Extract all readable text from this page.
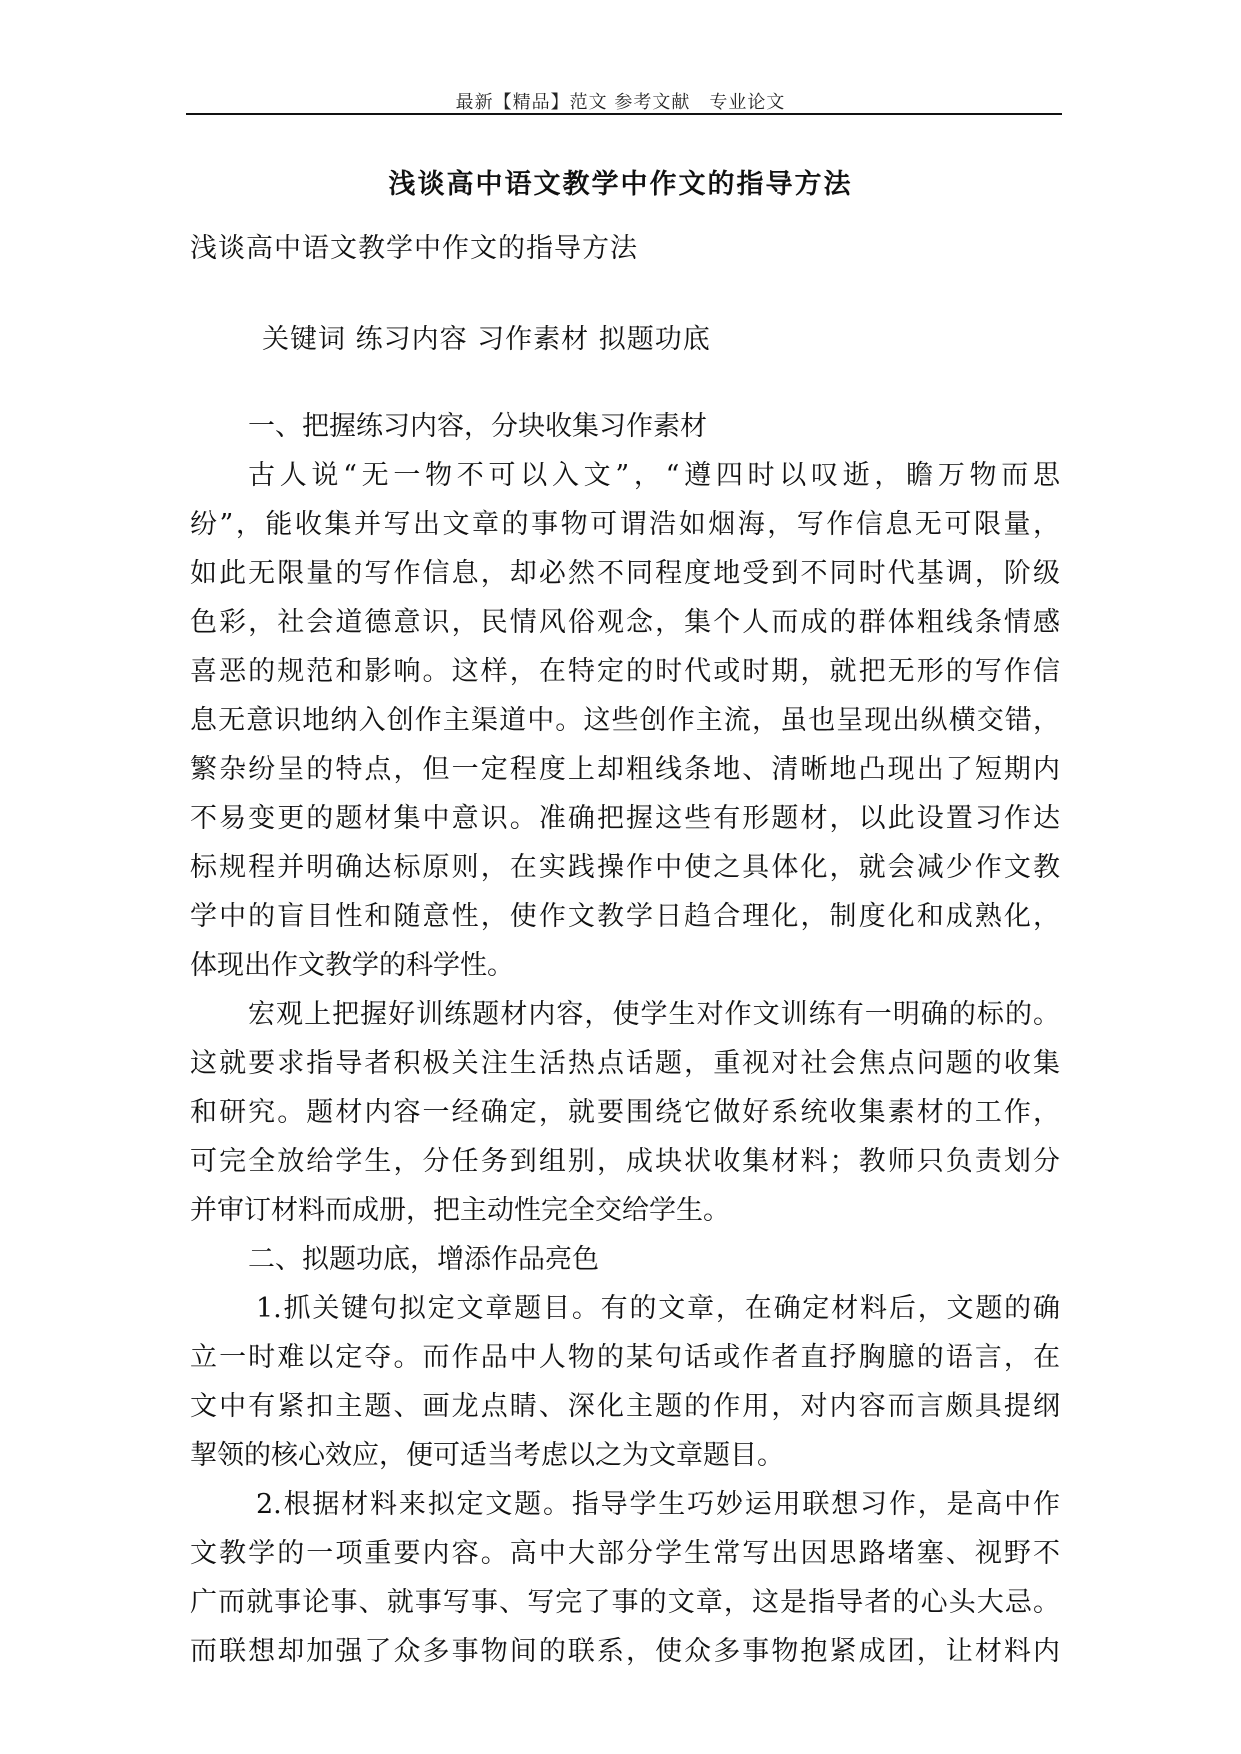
最新【精品】范文 参考文献　专业论文
浅谈高中语文教学中作文的指导方法
浅谈高中语文教学中作文的指导方法
关键词 练习内容 习作素材 拟题功底
一、把握练习内容，分块收集习作素材
古人说“无一物不可以入文”，“遵四时以叹逝，瞻万物而思
纷”，能收集并写出文章的事物可谓浩如烟海，写作信息无可限量，
如此无限量的写作信息，却必然不同程度地受到不同时代基调，阶级
色彩，社会道德意识，民情风俗观念，集个人而成的群体粗线条情感
喜恶的规范和影响。这样，在特定的时代或时期，就把无形的写作信
息无意识地纳入创作主渠道中。这些创作主流，虽也呈现出纵横交错，
繁杂纷呈的特点，但一定程度上却粗线条地、清晰地凸现出了短期内
不易变更的题材集中意识。准确把握这些有形题材，以此设置习作达
标规程并明确达标原则，在实践操作中使之具体化，就会减少作文教
学中的盲目性和随意性，使作文教学日趋合理化，制度化和成熟化，
体现出作文教学的科学性。
宏观上把握好训练题材内容，使学生对作文训练有一明确的标的。
这就要求指导者积极关注生活热点话题，重视对社会焦点问题的收集
和研究。题材内容一经确定，就要围绕它做好系统收集素材的工作，
可完全放给学生，分任务到组别，成块状收集材料；教师只负责划分
并审订材料而成册，把主动性完全交给学生。
二、拟题功底，增添作品亮色
1.抓关键句拟定文章题目。有的文章，在确定材料后，文题的确
立一时难以定夺。而作品中人物的某句话或作者直抒胸臆的语言，在
文中有紧扣主题、画龙点睛、深化主题的作用，对内容而言颇具提纲
挈领的核心效应，便可适当考虑以之为文章题目。
2.根据材料来拟定文题。指导学生巧妙运用联想习作，是高中作
文教学的一项重要内容。高中大部分学生常写出因思路堵塞、视野不
广而就事论事、就事写事、写完了事的文章，这是指导者的心头大忌。
而联想却加强了众多事物间的联系，使众多事物抱紧成团，让材料内
